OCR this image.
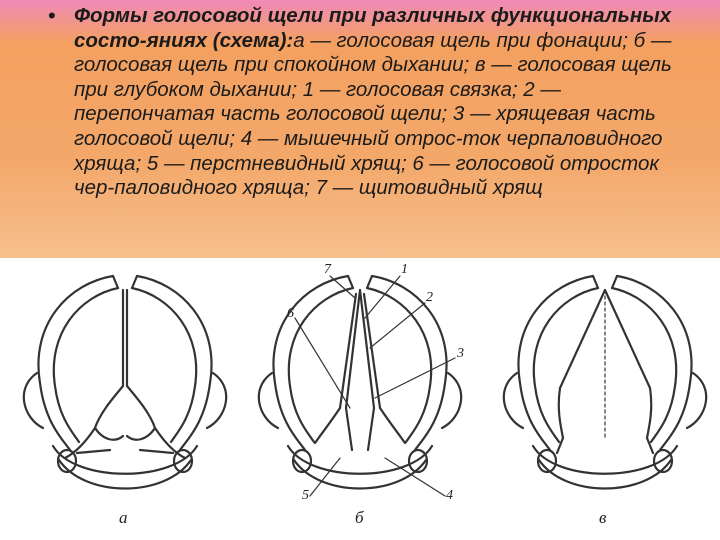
• Формы голосовой щели при различных функциональных состо-яниях (схема):а — голосовая щель при фонации; б — голосовая щель при спокойном дыхании; в — голосовая щель при глубоком дыхании; 1 — голосовая связка; 2 — перепончатая часть голосовой щели; 3 — хрящевая часть голосовой щели; 4 — мышечный отрос-ток черпаловидного хряща; 5 — перстневидный хрящ; 6 — голосовой отросток чер-паловидного хряща; 7 — щитовидный хрящ
а	б	в
7	1
2
3
6
5	4
